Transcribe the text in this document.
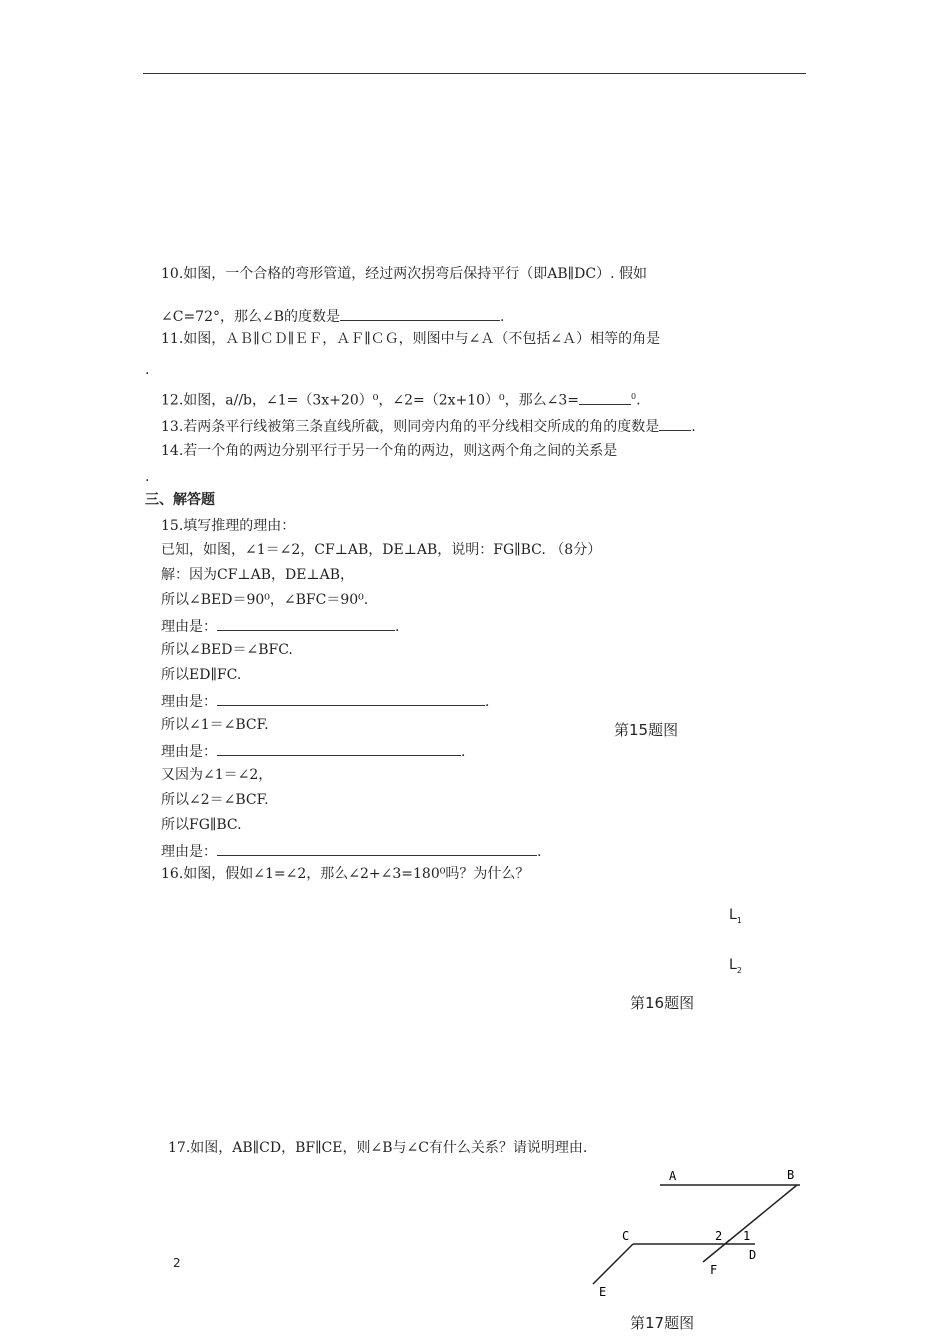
10.如图，一个合格的弯形管道，经过两次拐弯后保持平行（即AB∥DC）. 假如
∠C=72°，那么∠B的度数是	.
11.如图，ＡＢ∥ＣＤ∥ＥＦ，ＡＦ∥ＣＧ，则图中与∠Ａ（不包括∠Ａ）相等的角是
.
12.如图，a//b，∠1=（3x+20）⁰，∠2=（2x+10）⁰，那么∠3=	$^0$.
13.若两条平行线被第三条直线所截，则同旁内角的平分线相交所成的角的度数是 .
14.若一个角的两边分别平行于另一个角的两边，则这两个角之间的关系是
.
三、解答题
15.填写推理的理由：
已知，如图，∠1＝∠2，CF⊥AB，DE⊥AB，说明：FG∥BC. （8分）
解：因为CF⊥AB，DE⊥AB，
所以∠BED＝90⁰，∠BFC＝90⁰.
理由是：	.
所以∠BED＝∠BFC.
所以ED∥FC.
理由是：	.
所以∠1＝∠BCF.	第15题图
理由是：	.
又因为∠1＝∠2，
所以∠2＝∠BCF.
所以FG∥BC.
理由是：	.
16.如图，假如∠1=∠2，那么∠2+∠3=180⁰吗？为什么？
$L_1$
$L_2$
第16题图
17.如图，AB∥CD，BF∥CE，则∠B与∠C有什么关系？请说明理由.
A	B
C
D
E
F
1
2
第17题图
2
